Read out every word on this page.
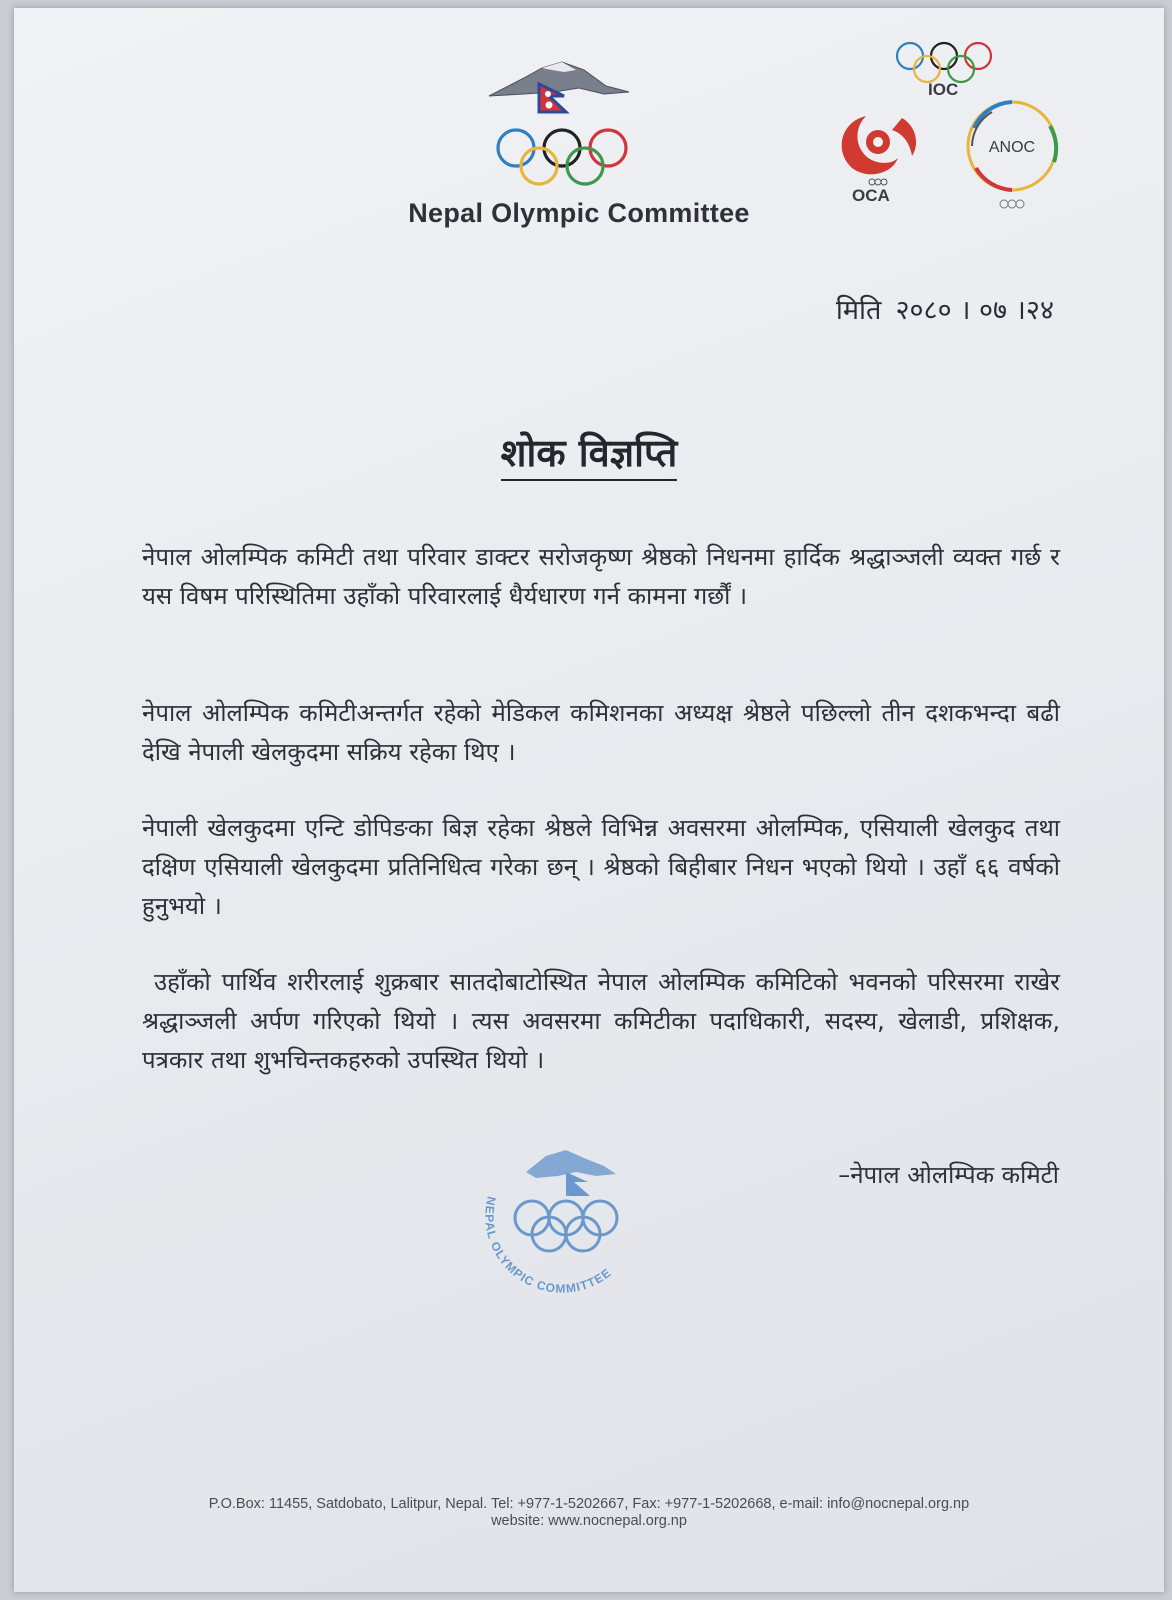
Nepal Olympic Committee
IOC
OCA
ANOC
मिति २०८० । ०७ ।२४
शोक विज्ञप्ति
नेपाल ओलम्पिक कमिटी तथा परिवार डाक्टर सरोजकृष्ण श्रेष्ठको निधनमा हार्दिक श्रद्धाञ्जली व्यक्त गर्छ र यस विषम परिस्थितिमा उहाँको परिवारलाई धैर्यधारण गर्न कामना गर्छौं ।
नेपाल ओलम्पिक कमिटीअन्तर्गत रहेको मेडिकल कमिशनका अध्यक्ष श्रेष्ठले पछिल्लो तीन दशकभन्दा बढी देखि नेपाली खेलकुदमा सक्रिय रहेका थिए ।
नेपाली खेलकुदमा एन्टि डोपिङका बिज्ञ रहेका श्रेष्ठले विभिन्न अवसरमा ओलम्पिक, एसियाली खेलकुद तथा दक्षिण एसियाली खेलकुदमा प्रतिनिधित्व गरेका छन् । श्रेष्ठको बिहीबार निधन भएको थियो । उहाँ ६६ वर्षको हुनुभयो ।
उहाँको पार्थिव शरीरलाई शुक्रबार सातदोबाटोस्थित नेपाल ओलम्पिक कमिटिको भवनको परिसरमा राखेर श्रद्धाञ्जली अर्पण गरिएको थियो । त्यस अवसरमा कमिटीका पदाधिकारी, सदस्य, खेलाडी, प्रशिक्षक, पत्रकार तथा शुभचिन्तकहरुको उपस्थित थियो ।
–नेपाल ओलम्पिक कमिटी
NEPAL OLYMPIC COMMITTEE
P.O.Box: 11455, Satdobato, Lalitpur, Nepal. Tel: +977-1-5202667, Fax: +977-1-5202668, e-mail: info@nocnepal.org.np
website: www.nocnepal.org.np
